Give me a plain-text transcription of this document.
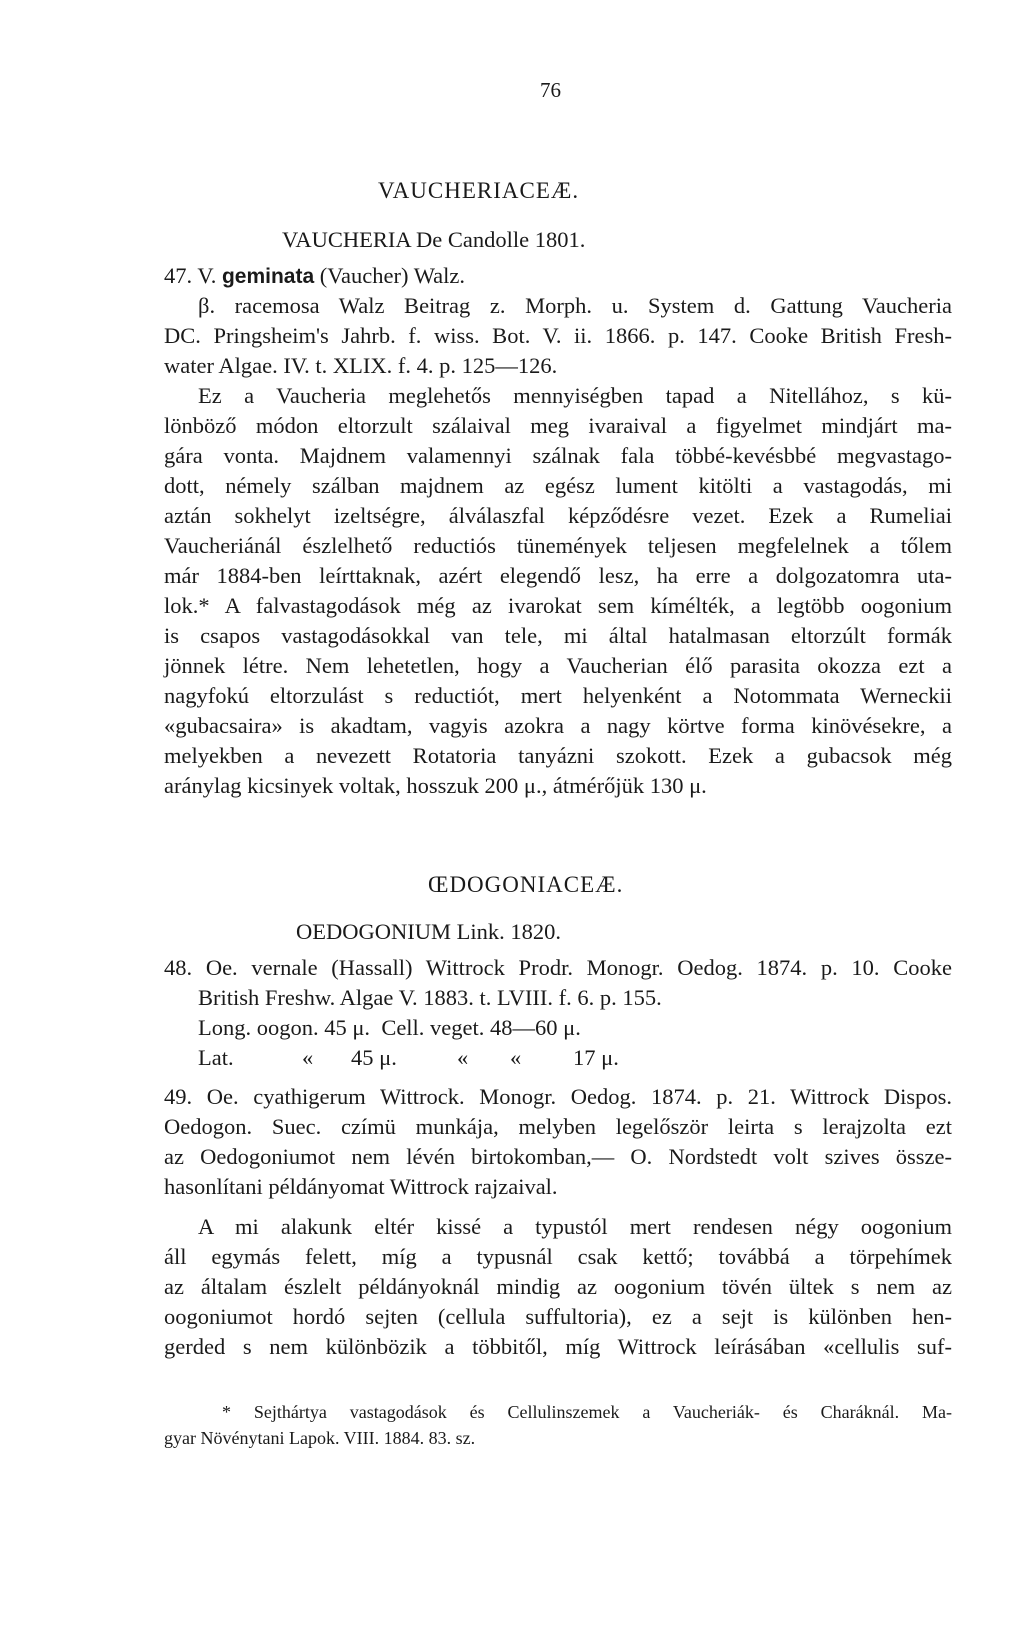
76
VAUCHERIACEÆ.
VAUCHERIA De Candolle 1801.
47. V. geminata (Vaucher) Walz.
β. racemosa Walz Beitrag z. Morph. u. System d. Gattung Vaucheria
DC. Pringsheim's Jahrb. f. wiss. Bot. V. ii. 1866. p. 147. Cooke British Fresh-
water Algae. IV. t. XLIX. f. 4. p. 125—126.
Ez a Vaucheria meglehetős mennyiségben tapad a Nitellához, s kü-
lönböző módon eltorzult szálaival meg ivaraival a figyelmet mindjárt ma-
gára vonta. Majdnem valamennyi szálnak fala többé-kevésbbé megvastago-
dott, némely szálban majdnem az egész lument kitölti a vastagodás, mi
aztán sokhelyt izeltségre, álválaszfal képződésre vezet. Ezek a Rumeliai
Vaucheriánál észlelhető reductiós tünemények teljesen megfelelnek a tőlem
már 1884-ben leírttaknak, azért elegendő lesz, ha erre a dolgozatomra uta-
lok.* A falvastagodások még az ivarokat sem kímélték, a legtöbb oogonium
is csapos vastagodásokkal van tele, mi által hatalmasan eltorzúlt formák
jönnek létre. Nem lehetetlen, hogy a Vaucherian élő parasita okozza ezt a
nagyfokú eltorzulást s reductiót, mert helyenként a Notommata Werneckii
«gubacsaira» is akadtam, vagyis azokra a nagy körtve forma kinövésekre, a
melyekben a nevezett Rotatoria tanyázni szokott. Ezek a gubacsok még
aránylag kicsinyek voltak, hosszuk 200 μ., átmérőjük 130 μ.
ŒDOGONIACEÆ.
OEDOGONIUM Link. 1820.
48. Oe. vernale (Hassall) Wittrock Prodr. Monogr. Oedog. 1874. p. 10. Cooke
British Freshw. Algae V. 1883. t. LVIII. f. 6. p. 155.
Long. oogon. 45 μ. Cell. veget. 48—60 μ.
Lat.	« 45 μ.	« « 17 μ.
49. Oe. cyathigerum Wittrock. Monogr. Oedog. 1874. p. 21. Wittrock Dispos.
Oedogon. Suec. czímü munkája, melyben legelőször leirta s lerajzolta ezt
az Oedogoniumot nem lévén birtokomban,— O. Nordstedt volt szives össze-
hasonlítani példányomat Wittrock rajzaival.
A mi alakunk eltér kissé a typustól mert rendesen négy oogonium
áll egymás felett, míg a typusnál csak kettő; továbbá a törpehímek
az általam észlelt példányoknál mindig az oogonium tövén ültek s nem az
oogoniumot hordó sejten (cellula suffultoria), ez a sejt is különben hen-
gerded s nem különbözik a többitől, míg Wittrock leírásában «cellulis suf-
* Sejthártya vastagodások és Cellulinszemek a Vaucheriák- és Charáknál. Ma-
gyar Növénytani Lapok. VIII. 1884. 83. sz.
